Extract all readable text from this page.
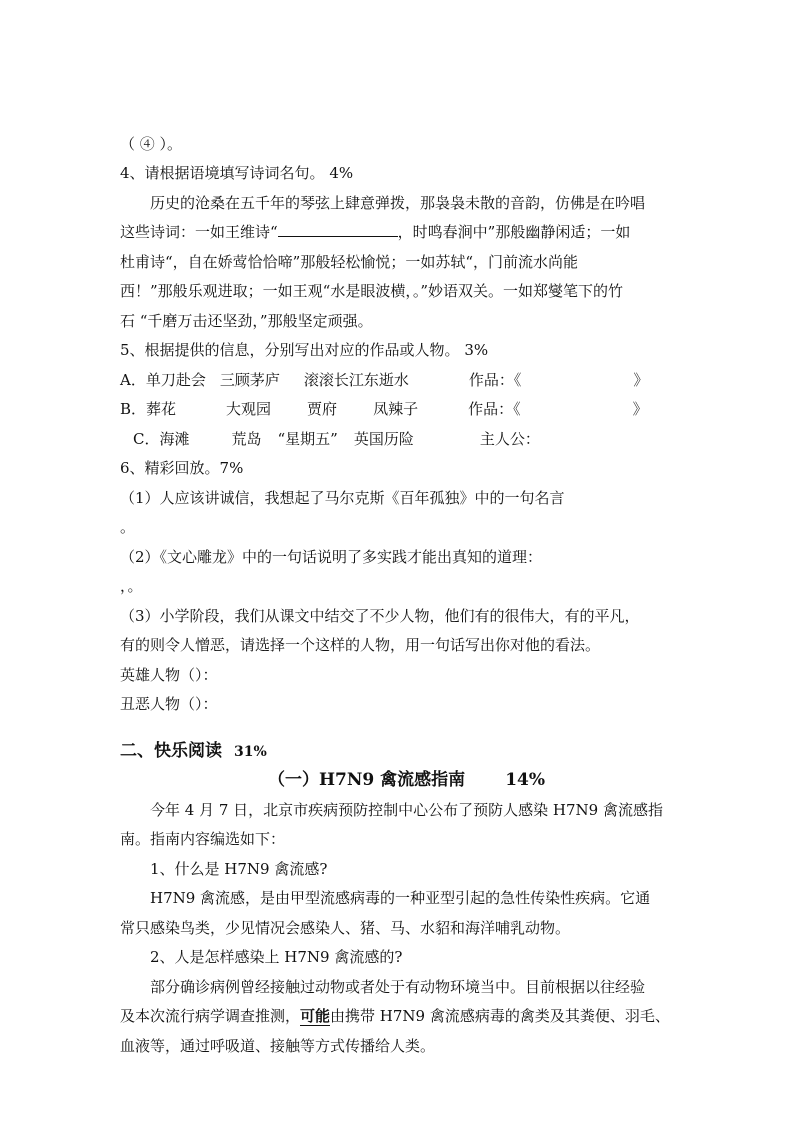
（ ④ ）。
4、请根据语境填写诗词名句。 4%
历史的沧桑在五千年的琴弦上肆意弹拨，那袅袅未散的音韵，仿佛是在吟唱
这些诗词：一如王维诗“	，时鸣春涧中”那般幽静闲适；一如
杜甫诗“，自在娇莺恰恰啼”那般轻松愉悦；一如苏轼“，门前流水尚能
西！”那般乐观进取；一如王观“水是眼波横，。”妙语双关。一如郑燮笔下的竹
石 “千磨万击还坚劲，”那般坚定顽强。
5、根据提供的信息，分别写出对应的作品或人物。 3%
A．单刀赴会 三顾茅庐 滚滚长江东逝水	作品：《	》
B．葬花	大观园 贾府 凤辣子	作品：《	》
C．海滩	荒岛 “星期五” 英国历险	主人公：
6、精彩回放。7%
（1）人应该讲诚信，我想起了马尔克斯《百年孤独》中的一句名言
。
（2）《文心雕龙》中的一句话说明了多实践才能出真知的道理：
，。
（3）小学阶段，我们从课文中结交了不少人物，他们有的很伟大，有的平凡，
有的则令人憎恶，请选择一个这样的人物，用一句话写出你对他的看法。
英雄人物（）：
丑恶人物（）：
二、快乐阅读 31%
（一）H7N9 禽流感指南 14%
今年 4 月 7 日，北京市疾病预防控制中心公布了预防人感染 H7N9 禽流感指
南。指南内容编选如下：
1、什么是 H7N9 禽流感?
H7N9 禽流感，是由甲型流感病毒的一种亚型引起的急性传染性疾病。它通
常只感染鸟类，少见情况会感染人、猪、马、水貂和海洋哺乳动物。
2、人是怎样感染上 H7N9 禽流感的?
部分确诊病例曾经接触过动物或者处于有动物环境当中。目前根据以往经验
及本次流行病学调查推测，可能由携带 H7N9 禽流感病毒的禽类及其粪便、羽毛、
血液等，通过呼吸道、接触等方式传播给人类。
